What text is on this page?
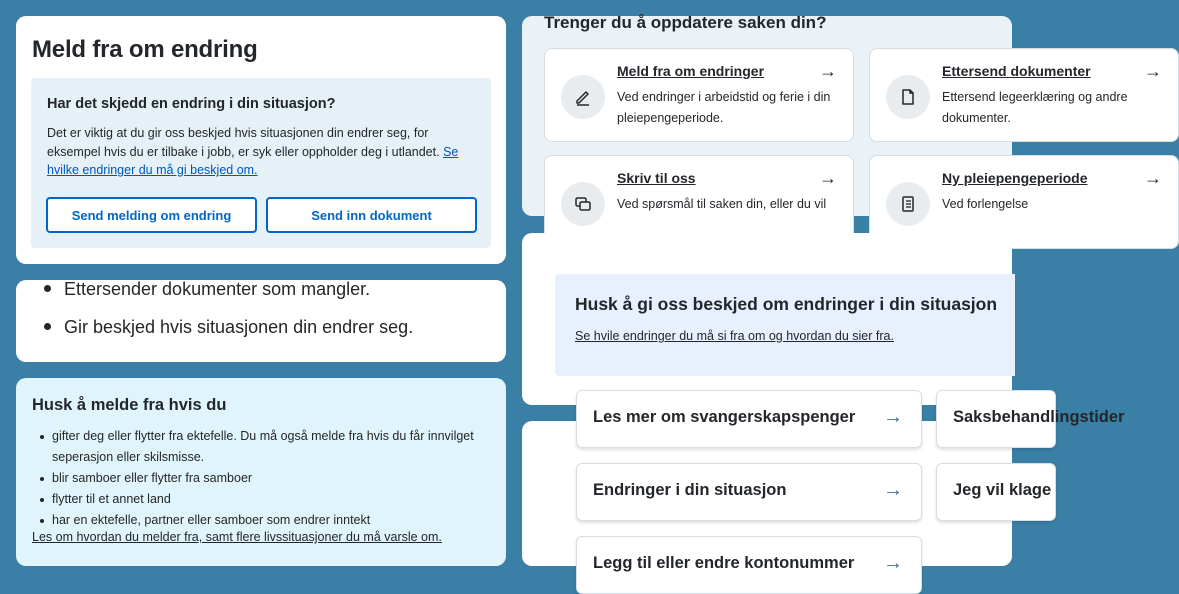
Meld fra om endring
Har det skjedd en endring i din situasjon?

Det er viktig at du gir oss beskjed hvis situasjonen din endrer seg, for eksempel hvis du er tilbake i jobb, er syk eller oppholder deg i utlandet. Se hvilke endringer du må gi beskjed om.

Send melding om endring	Send inn dokument
Ettersender dokumenter som mangler.
Gir beskjed hvis situasjonen din endrer seg.
Husk å melde fra hvis du
gifter deg eller flytter fra ektefelle. Du må også melde fra hvis du får innvilget seperasjon eller skilsmisse.
blir samboer eller flytter fra samboer
flytter til et annet land
har en ektefelle, partner eller samboer som endrer inntekt
Les om hvordan du melder fra, samt flere livssituasjoner du må varsle om.
Trenger du å oppdatere saken din?
Meld fra om endringer	→
Ved endringer i arbeidstid og ferie i din pleiepengeperiode.
Ettersend dokumenter	→
Ettersend legeerklæring og andre dokumenter.
Skriv til oss	→
Ved spørsmål til saken din, eller du vil
Ny pleiepengeperiode	→
Ved forlengelse
Husk å gi oss beskjed om endringer i din situasjon
Se hvile endringer du må si fra om og hvordan du sier fra.
Les mer om svangerskapspenger →	Saksbehandlingstider
Endringer i din situasjon	→	Jeg vil klage
Legg til eller endre kontonummer →
